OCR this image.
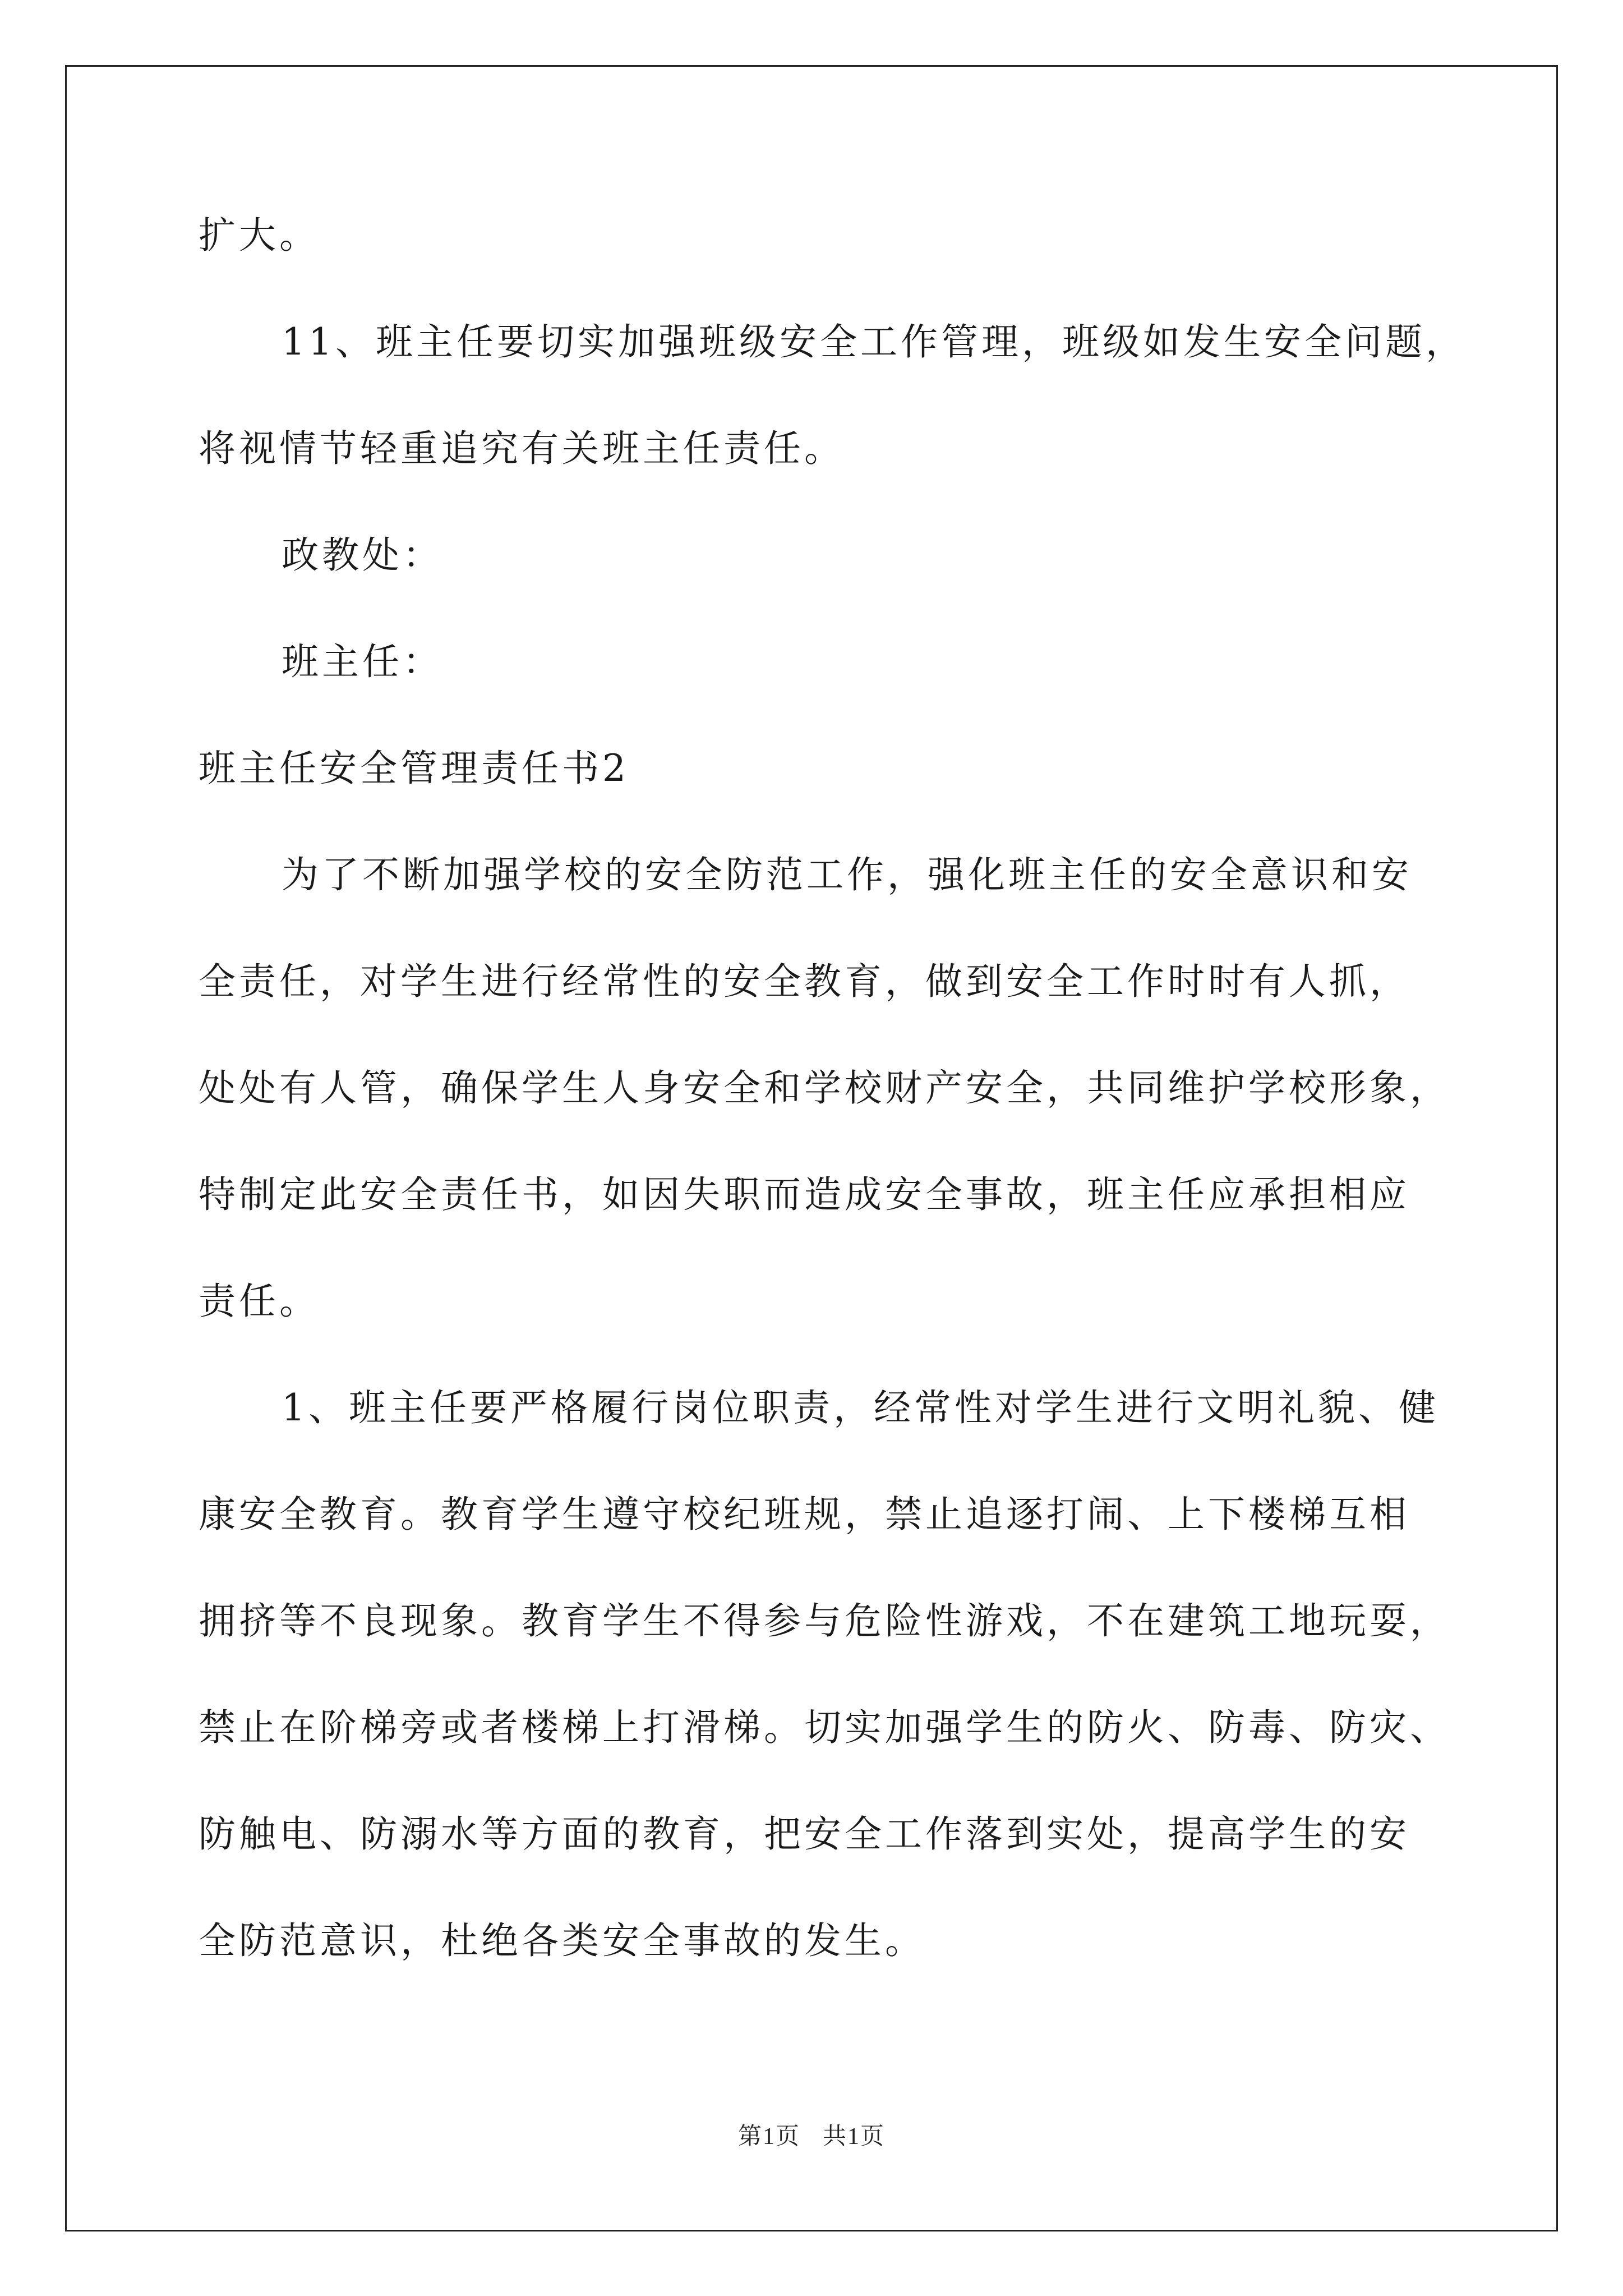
扩大。
11、班主任要切实加强班级安全工作管理，班级如发生安全问题，
将视情节轻重追究有关班主任责任。
政教处：
班主任：
班主任安全管理责任书2
为了不断加强学校的安全防范工作，强化班主任的安全意识和安
全责任，对学生进行经常性的安全教育，做到安全工作时时有人抓，
处处有人管，确保学生人身安全和学校财产安全，共同维护学校形象，
特制定此安全责任书，如因失职而造成安全事故，班主任应承担相应
责任。
1、班主任要严格履行岗位职责，经常性对学生进行文明礼貌、健
康安全教育。教育学生遵守校纪班规，禁止追逐打闹、上下楼梯互相
拥挤等不良现象。教育学生不得参与危险性游戏，不在建筑工地玩耍，
禁止在阶梯旁或者楼梯上打滑梯。切实加强学生的防火、防毒、防灾、
防触电、防溺水等方面的教育，把安全工作落到实处，提高学生的安
全防范意识，杜绝各类安全事故的发生。
第1页 共1页
